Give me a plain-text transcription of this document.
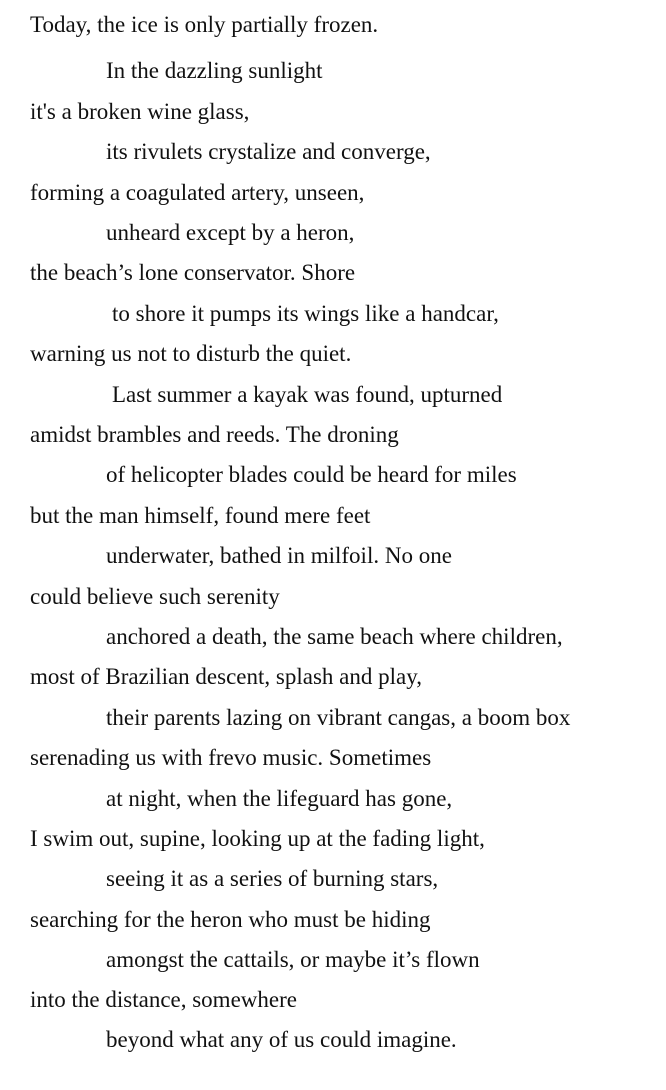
Today, the ice is only partially frozen.
In the dazzling sunlight
it's a broken wine glass,
its rivulets crystalize and converge,
forming a coagulated artery, unseen,
unheard except by a heron,
the beach’s lone conservator. Shore
to shore it pumps its wings like a handcar,
warning us not to disturb the quiet.
Last summer a kayak was found, upturned
amidst brambles and reeds. The droning
of helicopter blades could be heard for miles
but the man himself, found mere feet
underwater, bathed in milfoil. No one
could believe such serenity
anchored a death, the same beach where children,
most of Brazilian descent, splash and play,
their parents lazing on vibrant cangas, a boom box
serenading us with frevo music. Sometimes
at night, when the lifeguard has gone,
I swim out, supine, looking up at the fading light,
seeing it as a series of burning stars,
searching for the heron who must be hiding
amongst the cattails, or maybe it’s flown
into the distance, somewhere
beyond what any of us could imagine.
